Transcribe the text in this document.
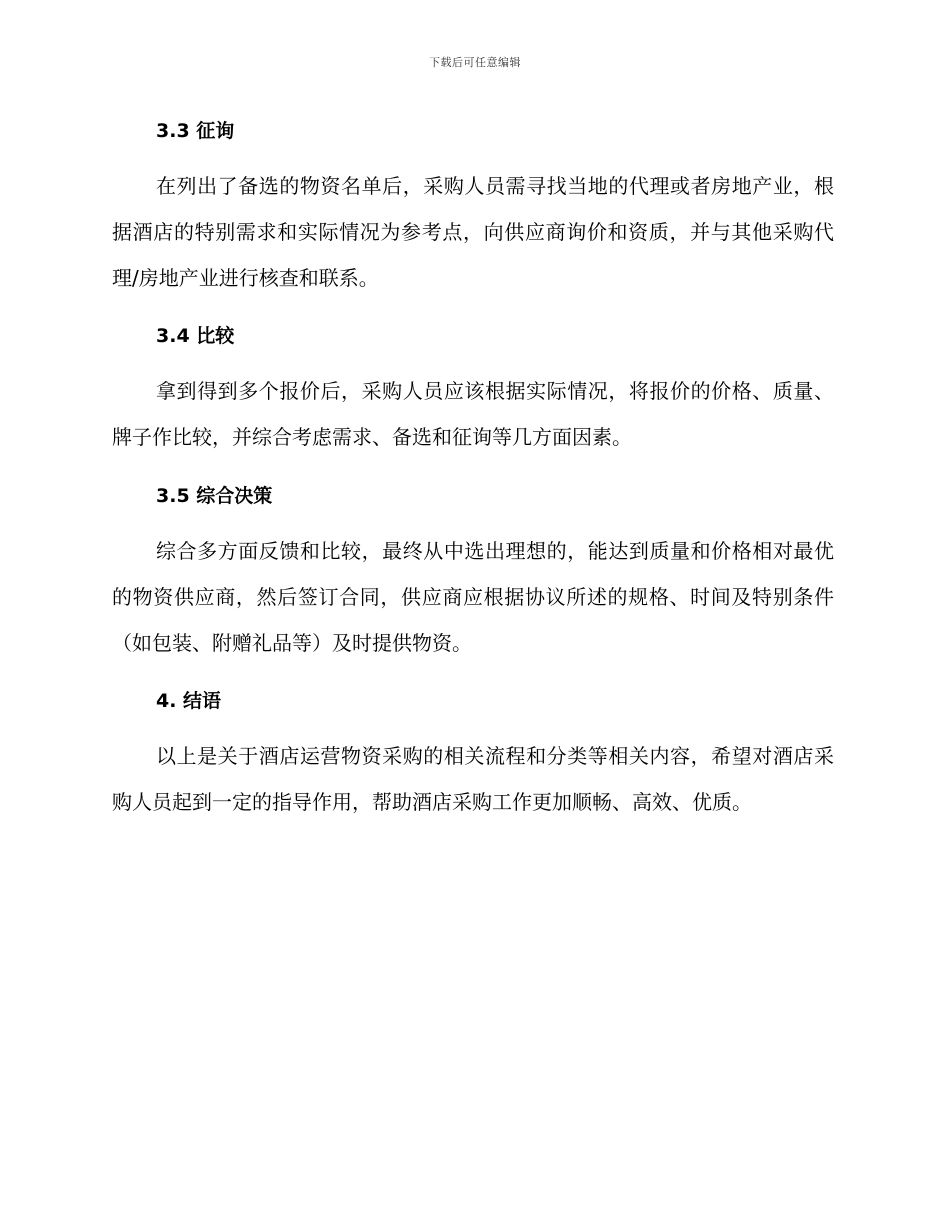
下载后可任意编辑
3.3 征询
在列出了备选的物资名单后，采购人员需寻找当地的代理或者房地产业，根据酒店的特别需求和实际情况为参考点，向供应商询价和资质，并与其他采购代理/房地产业进行核查和联系。
3.4 比较
拿到得到多个报价后，采购人员应该根据实际情况，将报价的价格、质量、牌子作比较，并综合考虑需求、备选和征询等几方面因素。
3.5 综合决策
综合多方面反馈和比较，最终从中选出理想的，能达到质量和价格相对最优的物资供应商，然后签订合同，供应商应根据协议所述的规格、时间及特别条件（如包装、附赠礼品等）及时提供物资。
4. 结语
以上是关于酒店运营物资采购的相关流程和分类等相关内容，希望对酒店采购人员起到一定的指导作用，帮助酒店采购工作更加顺畅、高效、优质。
